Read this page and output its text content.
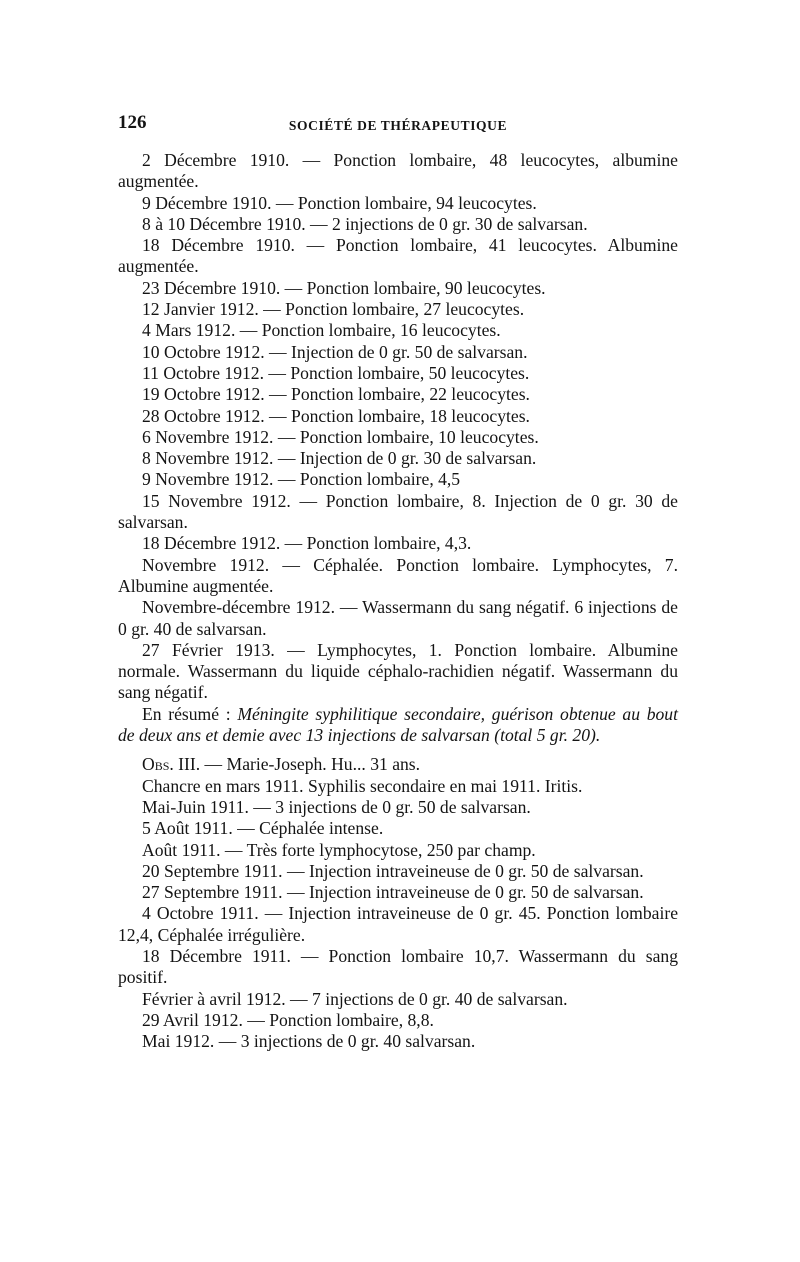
126	SOCIÉTÉ DE THÉRAPEUTIQUE

2 Décembre 1910. — Ponction lombaire, 48 leucocytes, albumine augmentée.

9 Décembre 1910. — Ponction lombaire, 94 leucocytes.

8 à 10 Décembre 1910. — 2 injections de 0 gr. 30 de salvarsan.

18 Décembre 1910. — Ponction lombaire, 41 leucocytes. Albumine augmentée.

23 Décembre 1910. — Ponction lombaire, 90 leucocytes.

12 Janvier 1912. — Ponction lombaire, 27 leucocytes.

4 Mars 1912. — Ponction lombaire, 16 leucocytes.

10 Octobre 1912. — Injection de 0 gr. 50 de salvarsan.

11 Octobre 1912. — Ponction lombaire, 50 leucocytes.

19 Octobre 1912. — Ponction lombaire, 22 leucocytes.

28 Octobre 1912. — Ponction lombaire, 18 leucocytes.

6 Novembre 1912. — Ponction lombaire, 10 leucocytes.

8 Novembre 1912. — Injection de 0 gr. 30 de salvarsan.

9 Novembre 1912. — Ponction lombaire, 4,5

15 Novembre 1912. — Ponction lombaire, 8. Injection de 0 gr. 30 de salvarsan.

18 Décembre 1912. — Ponction lombaire, 4,3.

Novembre 1912. — Céphalée. Ponction lombaire. Lymphocytes, 7. Albumine augmentée.

Novembre-décembre 1912. — Wassermann du sang négatif. 6 injections de 0 gr. 40 de salvarsan.

27 Février 1913. — Lymphocytes, 1. Ponction lombaire. Albumine normale. Wassermann du liquide céphalo-rachidien négatif. Wassermann du sang négatif.

En résumé : Méningite syphilitique secondaire, guérison obtenue au bout de deux ans et demie avec 13 injections de salvarsan (total 5 gr. 20).

Obs. III. — Marie-Joseph. Hu... 31 ans.

Chancre en mars 1911. Syphilis secondaire en mai 1911. Iritis.

Mai-Juin 1911. — 3 injections de 0 gr. 50 de salvarsan.

5 Août 1911. — Céphalée intense.

Août 1911. — Très forte lymphocytose, 250 par champ.

20 Septembre 1911. — Injection intraveineuse de 0 gr. 50 de salvarsan.

27 Septembre 1911. — Injection intraveineuse de 0 gr. 50 de salvarsan.

4 Octobre 1911. — Injection intraveineuse de 0 gr. 45. Ponction lombaire 12,4, Céphalée irrégulière.

18 Décembre 1911. — Ponction lombaire 10,7. Wassermann du sang positif.

Février à avril 1912. — 7 injections de 0 gr. 40 de salvarsan.

29 Avril 1912. — Ponction lombaire, 8,8.

Mai 1912. — 3 injections de 0 gr. 40 salvarsan.
